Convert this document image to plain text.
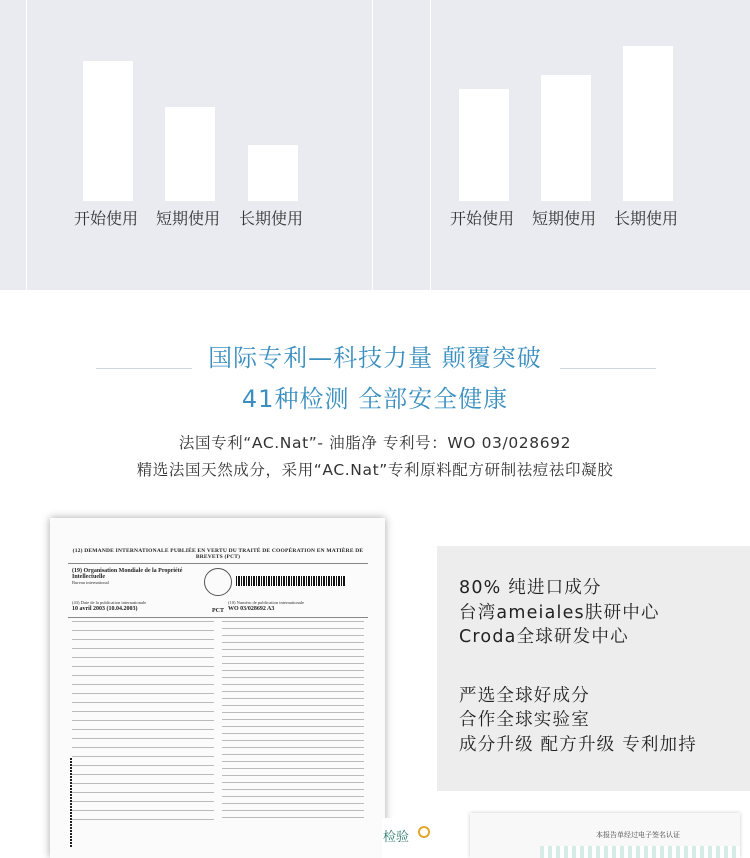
开始使用	短期使用	长期使用	开始使用	短期使用	长期使用
国际专利—科技力量 颠覆突破
41种检测 全部安全健康
法国专利“AC.Nat”- 油脂净 专利号：WO 03/028692
精选法国天然成分，采用“AC.Nat”专利原料配方研制祛痘祛印凝胶
(12) DEMANDE INTERNATIONALE PUBLIÉE EN VERTU DU TRAITÉ DE COOPÉRATION EN MATIÈRE DE BREVETS (PCT)
(19) Organisation Mondiale de la Propriété Intellectuelle
Bureau international
(43) Date de la publication internationale
10 avril 2003 (10.04.2003)	PCT
(10) Numéro de publication internationale
WO 03/028692 A3
80% 纯进口成分
台湾ameiales肤研中心
Croda全球研发中心
严选全球好成分
合作全球实验室
成分升级 配方升级 专利加持
检验	本报告单经过电子签名认证
